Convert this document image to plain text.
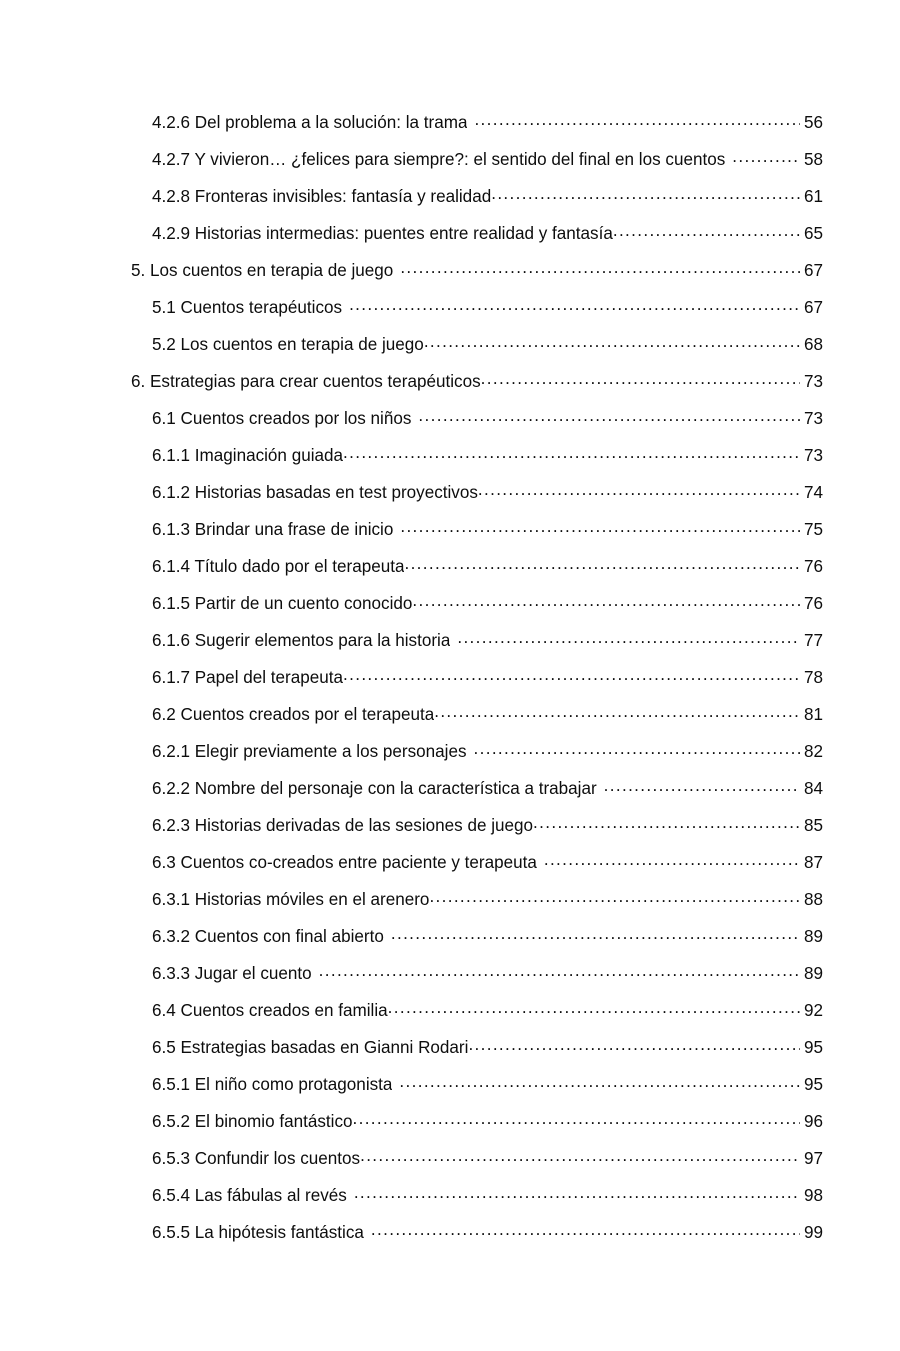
4.2.6 Del problema a la solución: la trama .....	56
4.2.7 Y vivieron… ¿felices para siempre?: el sentido del final en los cuentos .....	58
4.2.8 Fronteras invisibles: fantasía y realidad .....	61
4.2.9 Historias intermedias: puentes entre realidad y fantasía .....	65
5. Los cuentos en terapia de juego .....	67
5.1 Cuentos terapéuticos .....	67
5.2 Los cuentos en terapia de juego .....	68
6. Estrategias para crear cuentos terapéuticos .....	73
6.1 Cuentos creados por los niños .....	73
6.1.1 Imaginación guiada .....	73
6.1.2 Historias basadas en test proyectivos .....	74
6.1.3 Brindar una frase de inicio .....	75
6.1.4 Título dado por el terapeuta .....	76
6.1.5 Partir de un cuento conocido .....	76
6.1.6 Sugerir elementos para la historia .....	77
6.1.7 Papel del terapeuta .....	78
6.2 Cuentos creados por el terapeuta .....	81
6.2.1 Elegir previamente a los personajes .....	82
6.2.2 Nombre del personaje con la característica a trabajar .....	84
6.2.3 Historias derivadas de las sesiones de juego .....	85
6.3 Cuentos co-creados entre paciente y terapeuta .....	87
6.3.1 Historias móviles en el arenero .....	88
6.3.2 Cuentos con final abierto .....	89
6.3.3 Jugar el cuento .....	89
6.4 Cuentos creados en familia .....	92
6.5 Estrategias basadas en Gianni Rodari .....	95
6.5.1 El niño como protagonista .....	95
6.5.2 El binomio fantástico .....	96
6.5.3 Confundir los cuentos .....	97
6.5.4 Las fábulas al revés .....	98
6.5.5 La hipótesis fantástica .....	99
